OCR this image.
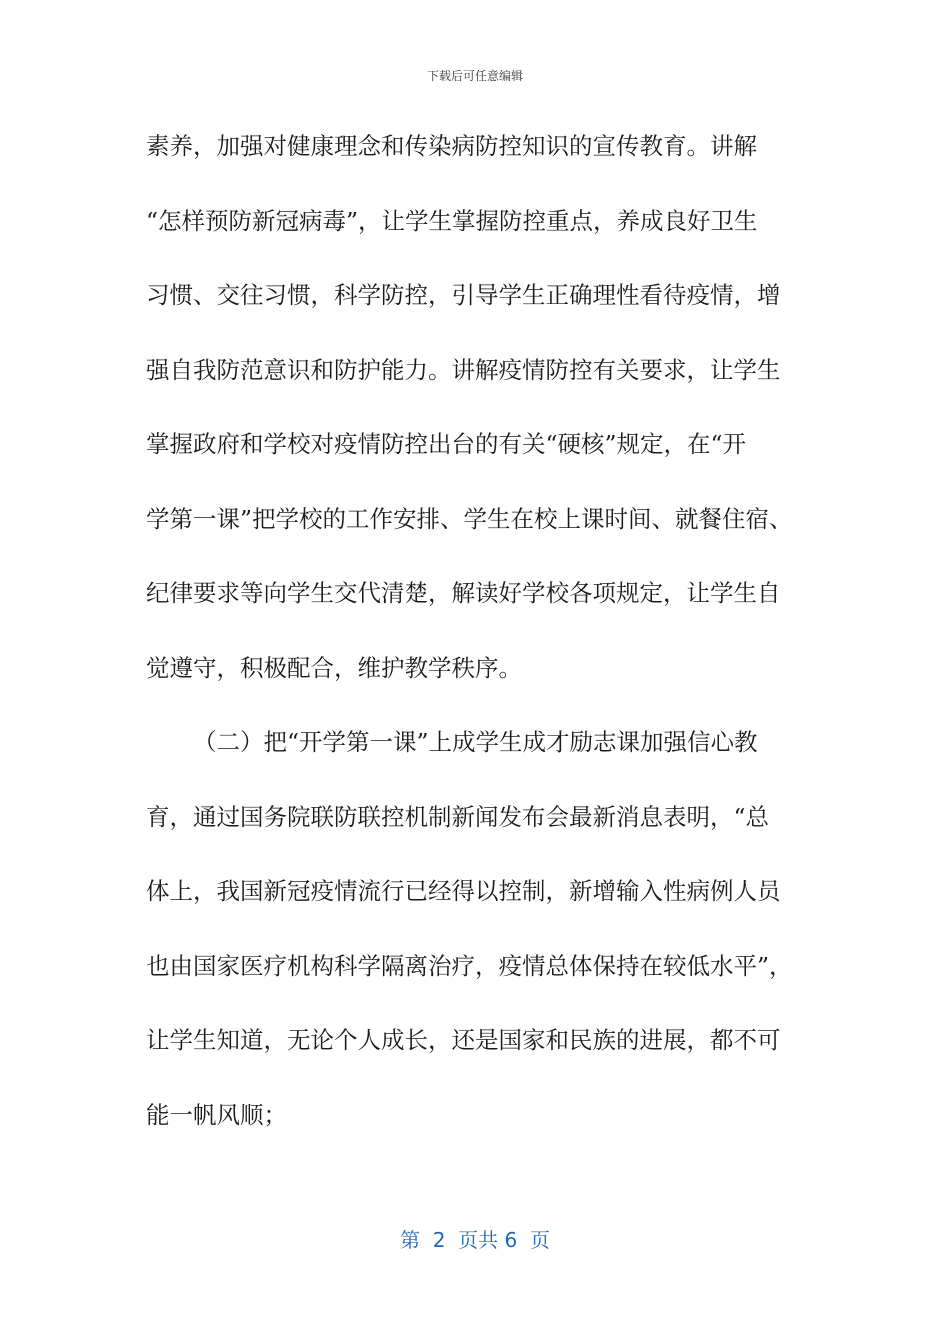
下载后可任意编辑
素养，加强对健康理念和传染病防控知识的宣传教育。讲解
“怎样预防新冠病毒”，让学生掌握防控重点，养成良好卫生
习惯、交往习惯，科学防控，引导学生正确理性看待疫情，增
强自我防范意识和防护能力。讲解疫情防控有关要求，让学生
掌握政府和学校对疫情防控出台的有关“硬核”规定，在“开
学第一课”把学校的工作安排、学生在校上课时间、就餐住宿、
纪律要求等向学生交代清楚，解读好学校各项规定，让学生自
觉遵守，积极配合，维护教学秩序。
（二）把“开学第一课”上成学生成才励志课加强信心教
育，通过国务院联防联控机制新闻发布会最新消息表明，“总
体上，我国新冠疫情流行已经得以控制，新增输入性病例人员
也由国家医疗机构科学隔离治疗，疫情总体保持在较低水平”，
让学生知道，无论个人成长，还是国家和民族的进展，都不可
能一帆风顺；
第  2  页共 6  页
